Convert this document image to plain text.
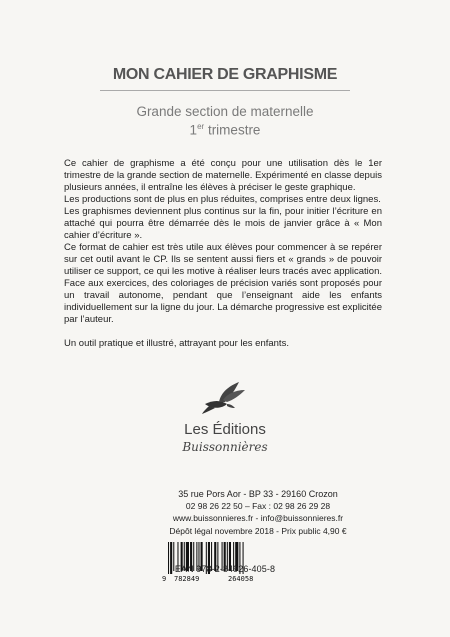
MON CAHIER DE GRAPHISME
Grande section de maternelle
1er trimestre

Ce cahier de graphisme a été conçu pour une utilisation dès le 1er trimestre de la grande section de maternelle. Expérimenté en classe depuis plusieurs années, il entraîne les élèves à préciser le geste graphique.

Les productions sont de plus en plus réduites, comprises entre deux lignes.

Les graphismes deviennent plus continus sur la fin, pour initier l’écriture en attaché qui pourra être démarrée dès le mois de janvier grâce à « Mon cahier d’écriture ».

Ce format de cahier est très utile aux élèves pour commencer à se repérer sur cet outil avant le CP. Ils se sentent aussi fiers et « grands » de pouvoir utiliser ce support, ce qui les motive à réaliser leurs tracés avec application. Face aux exercices, des coloriages de précision variés sont proposés pour un travail autonome, pendant que l’enseignant aide les enfants individuellement sur la ligne du jour. La démarche progressive est explicitée par l’auteur.

Un outil pratique et illustré, attrayant pour les enfants.

Les Éditions
Buissonnières
35 rue Pors Aor - BP 33 - 29160 Crozon
02 98 26 22 50 – Fax : 02 98 26 29 28
www.buissonnieres.fr - info@buissonnieres.fr
Dépôt légal novembre 2018 - Prix public 4,90 €
9 782849	264058
EAN 978-2-84926-405-8
